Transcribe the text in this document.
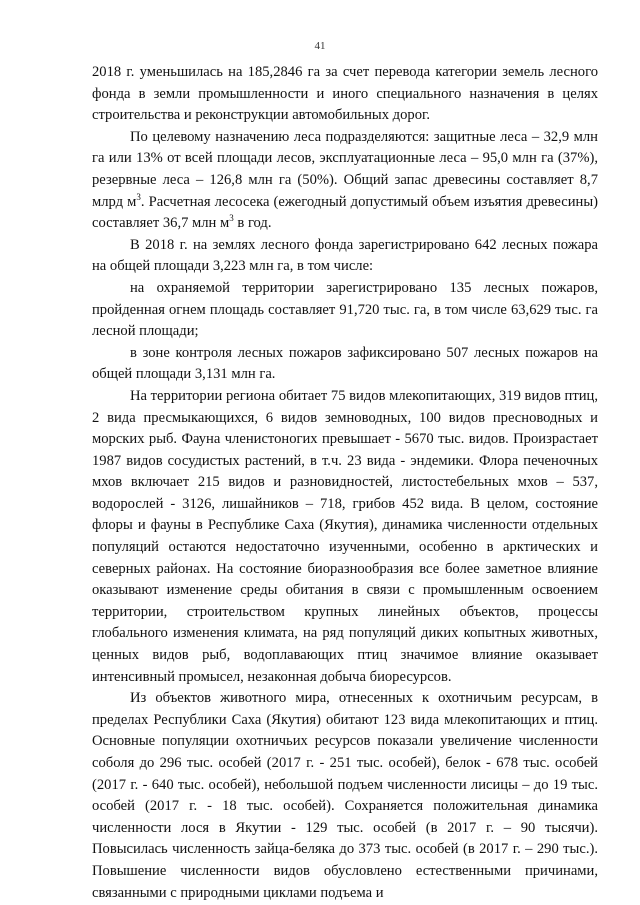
41

2018 г. уменьшилась на 185,2846 га за счет перевода категории земель лесного фонда в земли промышленности и иного специального назначения в целях строительства и реконструкции автомобильных дорог.

По целевому назначению леса подразделяются: защитные леса – 32,9 млн га или 13% от всей площади лесов, эксплуатационные леса – 95,0 млн га (37%), резервные леса – 126,8 млн га (50%). Общий запас древесины составляет 8,7 млрд $м^3$. Расчетная лесосека (ежегодный допустимый объем изъятия древесины) составляет 36,7 млн $м^3$ в год.

В 2018 г. на землях лесного фонда зарегистрировано 642 лесных пожара на общей площади 3,223 млн га, в том числе:

на охраняемой территории зарегистрировано 135 лесных пожаров, пройденная огнем площадь составляет 91,720 тыс. га, в том числе 63,629 тыс. га лесной площади;

в зоне контроля лесных пожаров зафиксировано 507 лесных пожаров на общей площади 3,131 млн га.

На территории региона обитает 75 видов млекопитающих, 319 видов птиц, 2 вида пресмыкающихся, 6 видов земноводных, 100 видов пресноводных и морских рыб. Фауна членистоногих превышает - 5670 тыс. видов. Произрастает 1987 видов сосудистых растений, в т.ч. 23 вида - эндемики. Флора печеночных мхов включает 215 видов и разновидностей, листостебельных мхов – 537, водорослей - 3126, лишайников – 718, грибов 452 вида. В целом, состояние флоры и фауны в Республике Саха (Якутия), динамика численности отдельных популяций остаются недостаточно изученными, особенно в арктических и северных районах. На состояние биоразнообразия все более заметное влияние оказывают изменение среды обитания в связи с промышленным освоением территории, строительством крупных линейных объектов, процессы глобального изменения климата, на ряд популяций диких копытных животных, ценных видов рыб, водоплавающих птиц значимое влияние оказывает интенсивный промысел, незаконная добыча биоресурсов.

Из объектов животного мира, отнесенных к охотничьим ресурсам, в пределах Республики Саха (Якутия) обитают 123 вида млекопитающих и птиц. Основные популяции охотничьих ресурсов показали увеличение численности соболя до 296 тыс. особей (2017 г. - 251 тыс. особей), белок - 678 тыс. особей (2017 г. - 640 тыс. особей), небольшой подъем численности лисицы – до 19 тыс. особей (2017 г. - 18 тыс. особей). Сохраняется положительная динамика численности лося в Якутии - 129 тыс. особей (в 2017 г. – 90 тысячи). Повысилась численность зайца-беляка до 373 тыс. особей (в 2017 г. – 290 тыс.). Повышение численности видов обусловлено естественными причинами, связанными с природными циклами подъема и
